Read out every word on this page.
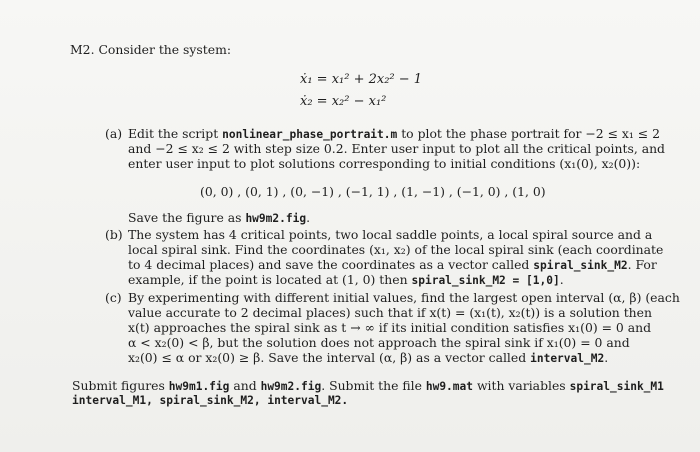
M2. Consider the system:
ẋ₁ = x₁² + 2x₂² − 1
ẋ₂ = x₂² − x₁²
(a) Edit the script nonlinear_phase_portrait.m to plot the phase portrait for −2 ≤ x₁ ≤ 2
and −2 ≤ x₂ ≤ 2 with step size 0.2. Enter user input to plot all the critical points, and
enter user input to plot solutions corresponding to initial conditions (x₁(0), x₂(0)):
(0, 0) , (0, 1) , (0, −1) , (−1, 1) , (1, −1) , (−1, 0) , (1, 0)
Save the figure as hw9m2.fig.
(b) The system has 4 critical points, two local saddle points, a local spiral source and a
local spiral sink. Find the coordinates (x₁, x₂) of the local spiral sink (each coordinate
to 4 decimal places) and save the coordinates as a vector called spiral_sink_M2. For
example, if the point is located at (1, 0) then spiral_sink_M2 = [1,0].
(c) By experimenting with different initial values, find the largest open interval (α, β) (each
value accurate to 2 decimal places) such that if x(t) = (x₁(t), x₂(t)) is a solution then
x(t) approaches the spiral sink as t → ∞ if its initial condition satisfies x₁(0) = 0 and
α < x₂(0) < β, but the solution does not approach the spiral sink if x₁(0) = 0 and
x₂(0) ≤ α or x₂(0) ≥ β. Save the interval (α, β) as a vector called interval_M2.
Submit figures hw9m1.fig and hw9m2.fig. Submit the file hw9.mat with variables spiral_sink_M1
interval_M1, spiral_sink_M2, interval_M2.
